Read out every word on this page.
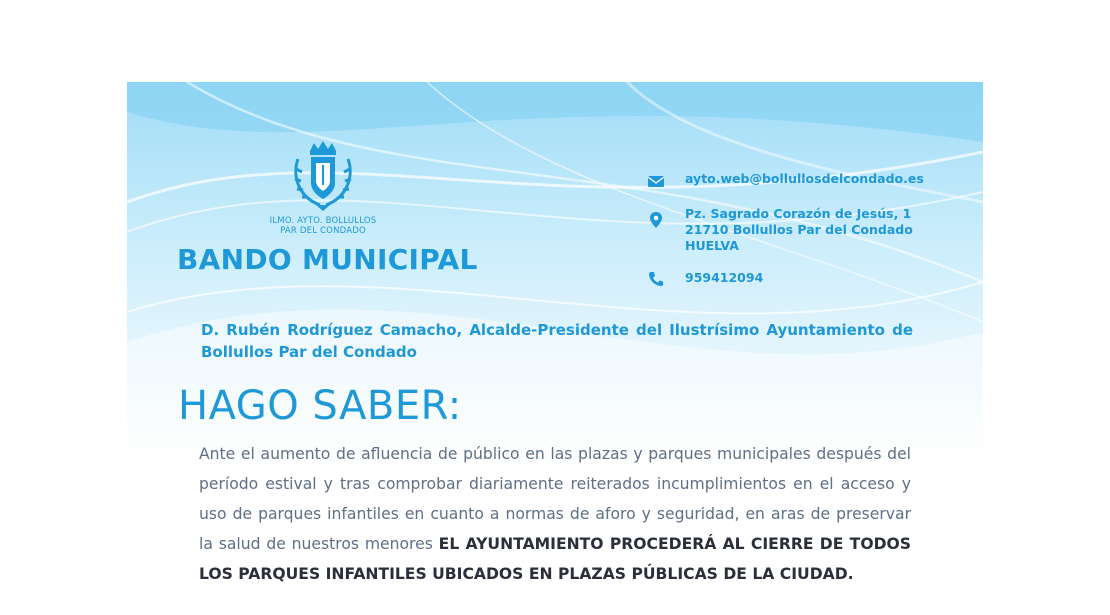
ILMO. AYTO. BOLLULLOS
PAR DEL CONDADO
BANDO MUNICIPAL
ayto.web@bollullosdelcondado.es
Pz. Sagrado Corazón de Jesús, 1
21710 Bollullos Par del Condado
HUELVA
959412094
D. Rubén Rodríguez Camacho, Alcalde-Presidente del Ilustrísimo Ayuntamiento de Bollullos Par del Condado
HAGO SABER:
Ante el aumento de afluencia de público en las plazas y parques municipales después del período estival y tras comprobar diariamente reiterados incumplimientos en el acceso y uso de parques infantiles en cuanto a normas de aforo y seguridad, en aras de preservar la salud de nuestros menores EL AYUNTAMIENTO PROCEDERÁ AL CIERRE DE TODOS LOS PARQUES INFANTILES UBICADOS EN PLAZAS PÚBLICAS DE LA CIUDAD.
